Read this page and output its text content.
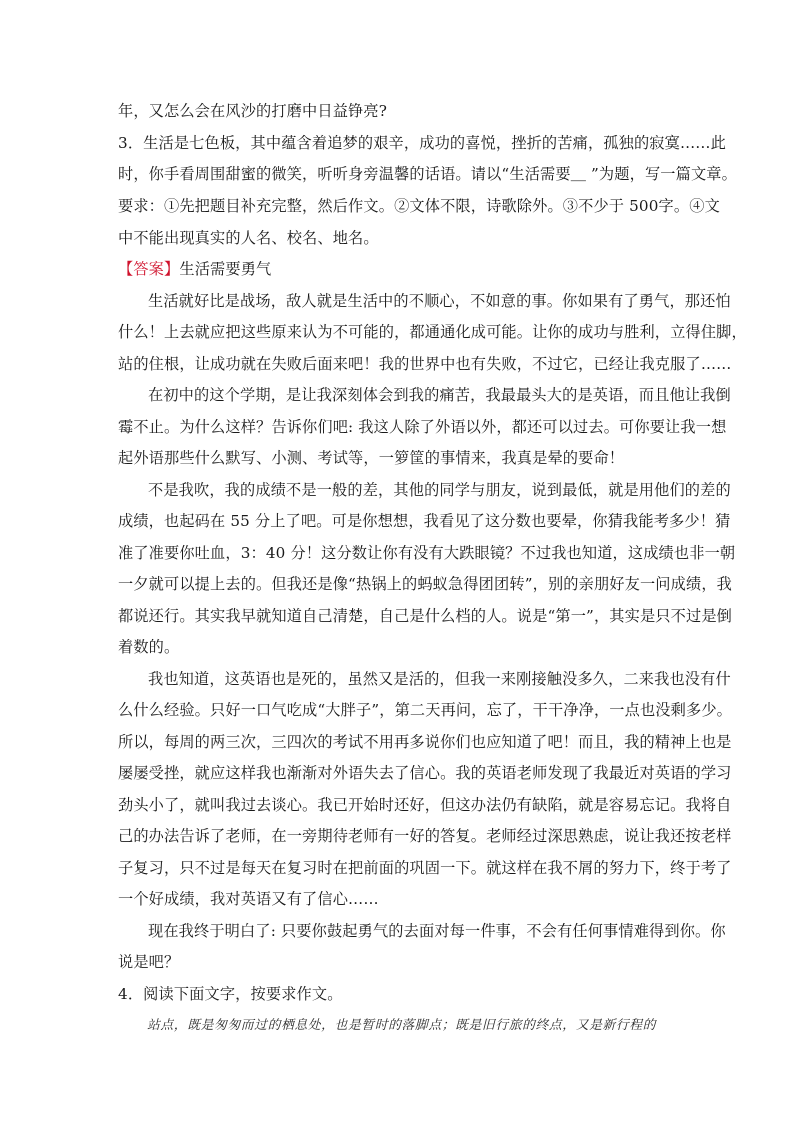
年，又怎么会在风沙的打磨中日益铮亮?
3．生活是七色板，其中蕴含着追梦的艰辛，成功的喜悦，挫折的苦痛，孤独的寂寞……此
时，你手看周围甜蜜的微笑，听听身旁温馨的话语。请以“生活需要＿ ”为题，写一篇文章。
要求：①先把题目补充完整，然后作文。②文体不限，诗歌除外。③不少于 500字。④文
中不能出现真实的人名、校名、地名。
【答案】生活需要勇气
生活就好比是战场，敌人就是生活中的不顺心，不如意的事。你如果有了勇气，那还怕
什么！上去就应把这些原来认为不可能的，都通通化成可能。让你的成功与胜利，立得住脚，
站的住根，让成功就在失败后面来吧！我的世界中也有失败，不过它，已经让我克服了……
在初中的这个学期，是让我深刻体会到我的痛苦，我最最头大的是英语，而且他让我倒
霉不止。为什么这样？告诉你们吧: 我这人除了外语以外，都还可以过去。可你要让我一想
起外语那些什么默写、小测、考试等，一箩筐的事情来，我真是晕的要命！
不是我吹，我的成绩不是一般的差，其他的同学与朋友，说到最低，就是用他们的差的
成绩，也起码在 55 分上了吧。可是你想想，我看见了这分数也要晕，你猜我能考多少！猜
准了准要你吐血，3：40 分！这分数让你有没有大跌眼镜？不过我也知道，这成绩也非一朝
一夕就可以提上去的。但我还是像“热锅上的蚂蚁急得团团转”，别的亲朋好友一问成绩，我
都说还行。其实我早就知道自己清楚，自己是什么档的人。说是“第一”，其实是只不过是倒
着数的。
我也知道，这英语也是死的，虽然又是活的，但我一来刚接触没多久，二来我也没有什
么什么经验。只好一口气吃成“大胖子”，第二天再问，忘了，干干净净，一点也没剩多少。
所以，每周的两三次，三四次的考试不用再多说你们也应知道了吧！而且，我的精神上也是
屡屡受挫，就应这样我也渐渐对外语失去了信心。我的英语老师发现了我最近对英语的学习
劲头小了，就叫我过去谈心。我已开始时还好，但这办法仍有缺陷，就是容易忘记。我将自
己的办法告诉了老师，在一旁期待老师有一好的答复。老师经过深思熟虑，说让我还按老样
子复习，只不过是每天在复习时在把前面的巩固一下。就这样在我不屑的努力下，终于考了
一个好成绩，我对英语又有了信心……
现在我终于明白了: 只要你鼓起勇气的去面对每一件事，不会有任何事情难得到你。你
说是吧？
4．阅读下面文字，按要求作文。
站点，既是匆匆而过的栖息处，也是暂时的落脚点；既是旧行旅的终点，又是新行程的
